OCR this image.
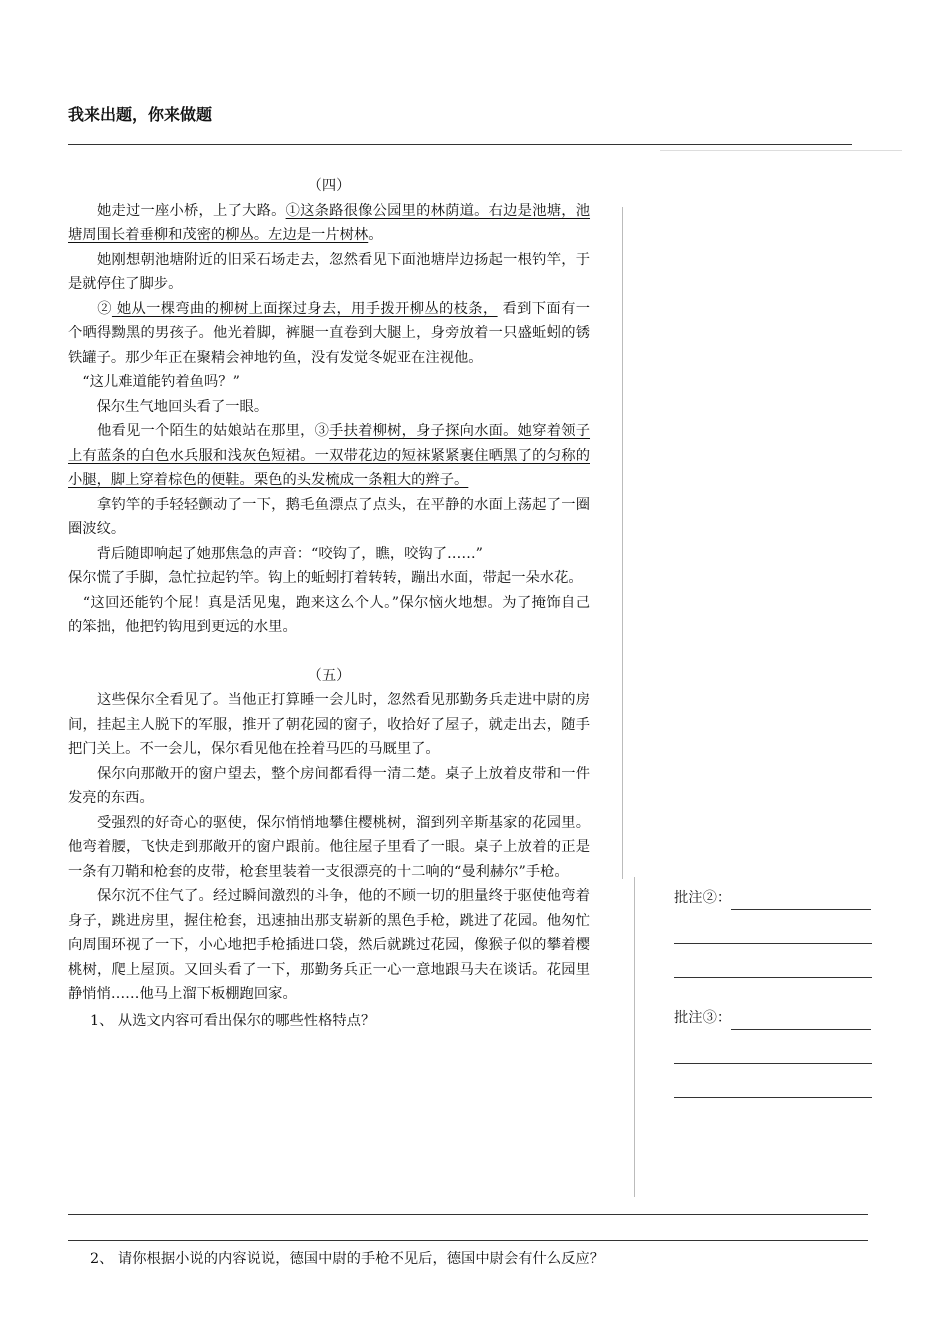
我来出题，你来做题

（四）

　　她走过一座小桥，上了大路。①这条路很像公园里的林荫道。右边是池塘，池塘周围长着垂柳和茂密的柳丛。左边是一片树林。

　　她刚想朝池塘附近的旧采石场走去，忽然看见下面池塘岸边扬起一根钓竿，于是就停住了脚步。

　　② 她从一棵弯曲的柳树上面探过身去，用手拨开柳丛的枝条， 看到下面有一个晒得黝黑的男孩子。他光着脚，裤腿一直卷到大腿上，身旁放着一只盛蚯蚓的锈铁罐子。那少年正在聚精会神地钓鱼，没有发觉冬妮亚在注视他。

　“这儿难道能钓着鱼吗？”

　　保尔生气地回头看了一眼。

　　他看见一个陌生的姑娘站在那里，③手扶着柳树，身子探向水面。她穿着领子上有蓝条的白色水兵服和浅灰色短裙。一双带花边的短袜紧紧裹住晒黑了的匀称的小腿，脚上穿着棕色的便鞋。栗色的头发梳成一条粗大的辫子。

　　拿钓竿的手轻轻颤动了一下，鹅毛鱼漂点了点头，在平静的水面上荡起了一圈圈波纹。

　　背后随即响起了她那焦急的声音：“咬钩了，瞧，咬钩了……”

保尔慌了手脚，急忙拉起钓竿。钩上的蚯蚓打着转转，蹦出水面，带起一朵水花。

　“这回还能钓个屁！真是活见鬼，跑来这么个人。”保尔恼火地想。为了掩饰自己的笨拙，他把钓钩甩到更远的水里。

（五）

　　这些保尔全看见了。当他正打算睡一会儿时，忽然看见那勤务兵走进中尉的房间，挂起主人脱下的军服，推开了朝花园的窗子，收拾好了屋子，就走出去，随手把门关上。不一会儿，保尔看见他在拴着马匹的马厩里了。

　　保尔向那敞开的窗户望去，整个房间都看得一清二楚。桌子上放着皮带和一件发亮的东西。

　　受强烈的好奇心的驱使，保尔悄悄地攀住樱桃树，溜到列辛斯基家的花园里。他弯着腰，飞快走到那敞开的窗户跟前。他往屋子里看了一眼。桌子上放着的正是一条有刀鞘和枪套的皮带，枪套里装着一支很漂亮的十二响的“曼利赫尔”手枪。

　　保尔沉不住气了。经过瞬间激烈的斗争，他的不顾一切的胆量终于驱使他弯着身子，跳进房里，握住枪套，迅速抽出那支崭新的黑色手枪，跳进了花园。他匆忙向周围环视了一下，小心地把手枪插进口袋，然后就跳过花园，像猴子似的攀着樱桃树，爬上屋顶。又回头看了一下，那勤务兵正一心一意地跟马夫在谈话。花园里静悄悄……他马上溜下板棚跑回家。

1、 从选文内容可看出保尔的哪些性格特点？

批注②：
批注③：

2、 请你根据小说的内容说说，德国中尉的手枪不见后，德国中尉会有什么反应？
